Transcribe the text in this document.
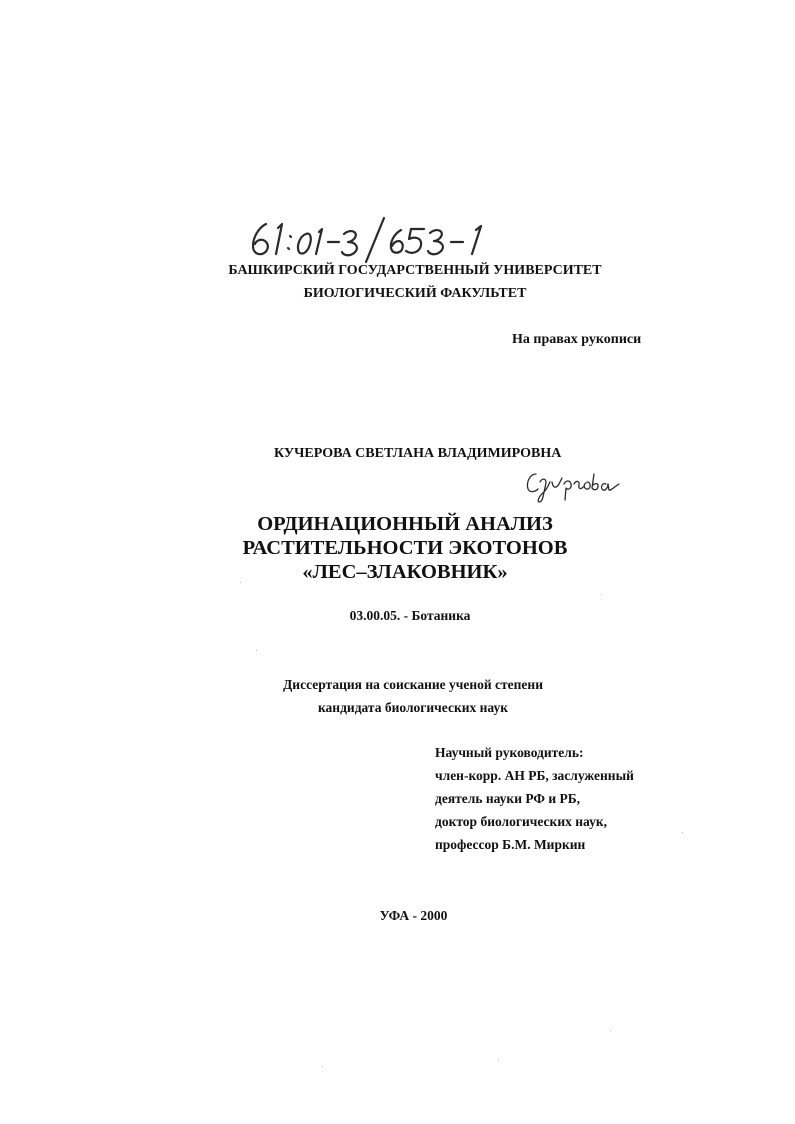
БАШКИРСКИЙ ГОСУДАРСТВЕННЫЙ УНИВЕРСИТЕТ
БИОЛОГИЧЕСКИЙ ФАКУЛЬТЕТ
На правах рукописи
КУЧЕРОВА СВЕТЛАНА ВЛАДИМИРОВНА
ОРДИНАЦИОННЫЙ АНАЛИЗ
РАСТИТЕЛЬНОСТИ ЭКОТОНОВ
«ЛЕС–ЗЛАКОВНИК»
03.00.05. - Ботаника
Диссертация на соискание ученой степени
кандидата биологических наук
Научный руководитель:
член-корр. АН РБ, заслуженный
деятель науки РФ и РБ,
доктор биологических наук,
профессор Б.М. Миркин
УФА - 2000
